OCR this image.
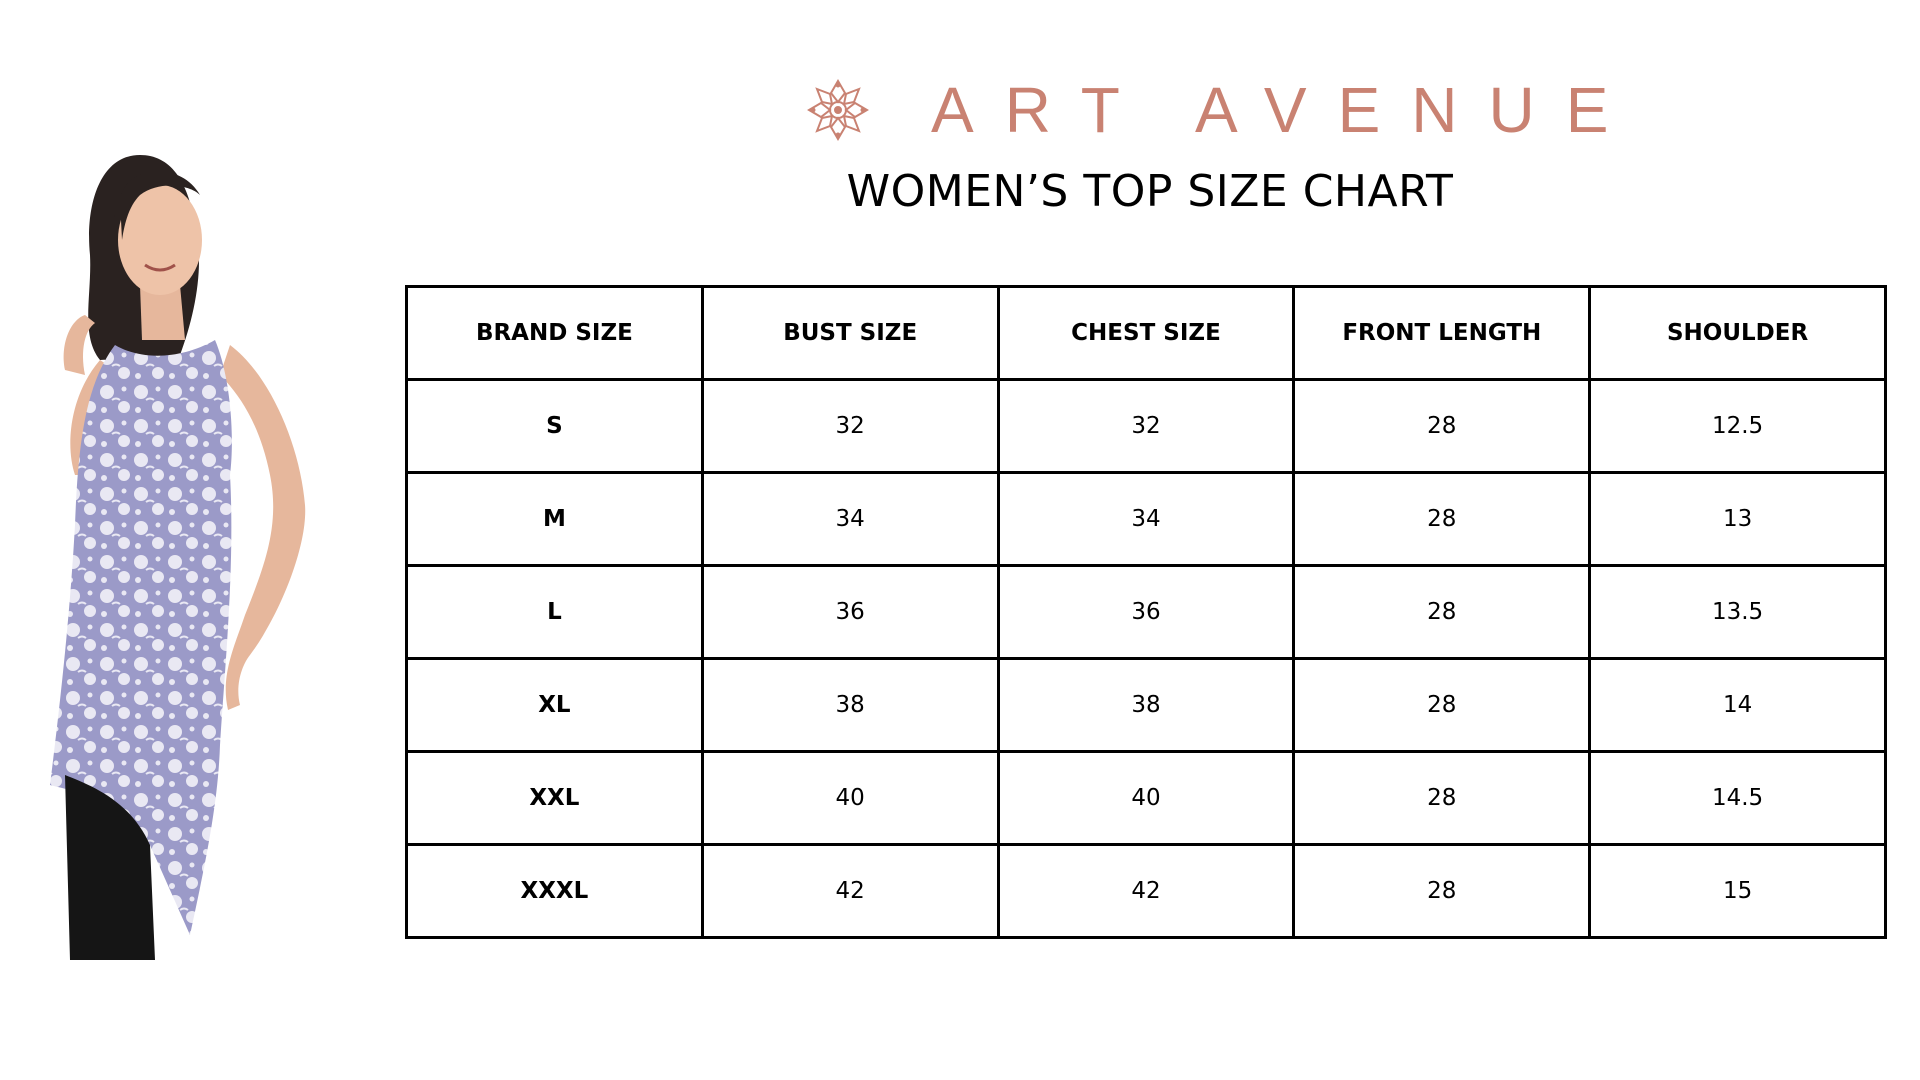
ART AVENUE
WOMEN’S TOP SIZE CHART
BRAND SIZE	BUST SIZE	CHEST SIZE	FRONT LENGTH	SHOULDER
S	32	32	28	12.5
M	34	34	28	13
L	36	36	28	13.5
XL	38	38	28	14
XXL	40	40	28	14.5
XXXL	42	42	28	15
